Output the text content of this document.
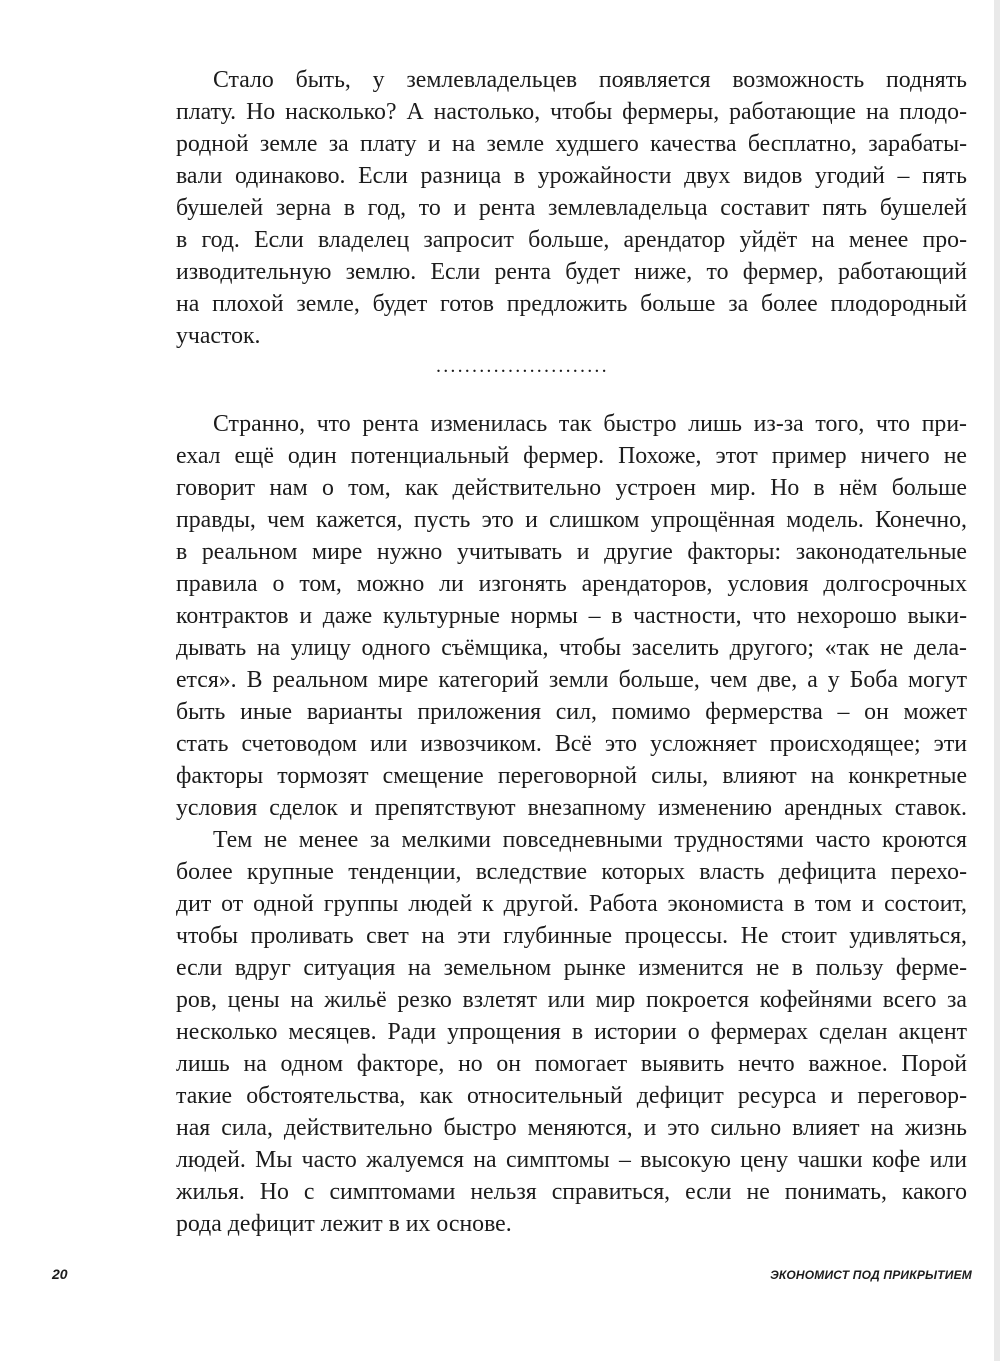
Стало быть, у землевладельцев появляется возможность поднять

плату. Но насколько? А настолько, чтобы фермеры, работающие на плодо-

родной земле за плату и на земле худшего качества бесплатно, зарабаты-

вали одинаково. Если разница в урожайности двух видов угодий – пять

бушелей зерна в год, то и рента землевладельца составит пять бушелей

в год. Если владелец запросит больше, арендатор уйдёт на менее про-

изводительную землю. Если рента будет ниже, то фермер, работающий

на плохой земле, будет готов предложить больше за более плодородный

участок.

........................

Странно, что рента изменилась так быстро лишь из-за того, что при-

ехал ещё один потенциальный фермер. Похоже, этот пример ничего не

говорит нам о том, как действительно устроен мир. Но в нём больше

правды, чем кажется, пусть это и слишком упрощённая модель. Конечно,

в реальном мире нужно учитывать и другие факторы: законодательные

правила о том, можно ли изгонять арендаторов, условия долгосрочных

контрактов и даже культурные нормы – в частности, что нехорошо выки-

дывать на улицу одного съёмщика, чтобы заселить другого; «так не дела-

ется». В реальном мире категорий земли больше, чем две, а у Боба могут

быть иные варианты приложения сил, помимо фермерства – он может

стать счетоводом или извозчиком. Всё это усложняет происходящее; эти

факторы тормозят смещение переговорной силы, влияют на конкретные

условия сделок и препятствуют внезапному изменению арендных ставок.

Тем не менее за мелкими повседневными трудностями часто кроются

более крупные тенденции, вследствие которых власть дефицита перехо-

дит от одной группы людей к другой. Работа экономиста в том и состоит,

чтобы проливать свет на эти глубинные процессы. Не стоит удивляться,

если вдруг ситуация на земельном рынке изменится не в пользу ферме-

ров, цены на жильё резко взлетят или мир покроется кофейнями всего за

несколько месяцев. Ради упрощения в истории о фермерах сделан акцент

лишь на одном факторе, но он помогает выявить нечто важное. Порой

такие обстоятельства, как относительный дефицит ресурса и переговор-

ная сила, действительно быстро меняются, и это сильно влияет на жизнь

людей. Мы часто жалуемся на симптомы – высокую цену чашки кофе или

жилья. Но с симптомами нельзя справиться, если не понимать, какого

рода дефицит лежит в их основе.

20	ЭКОНОМИСТ ПОД ПРИКРЫТИЕМ
